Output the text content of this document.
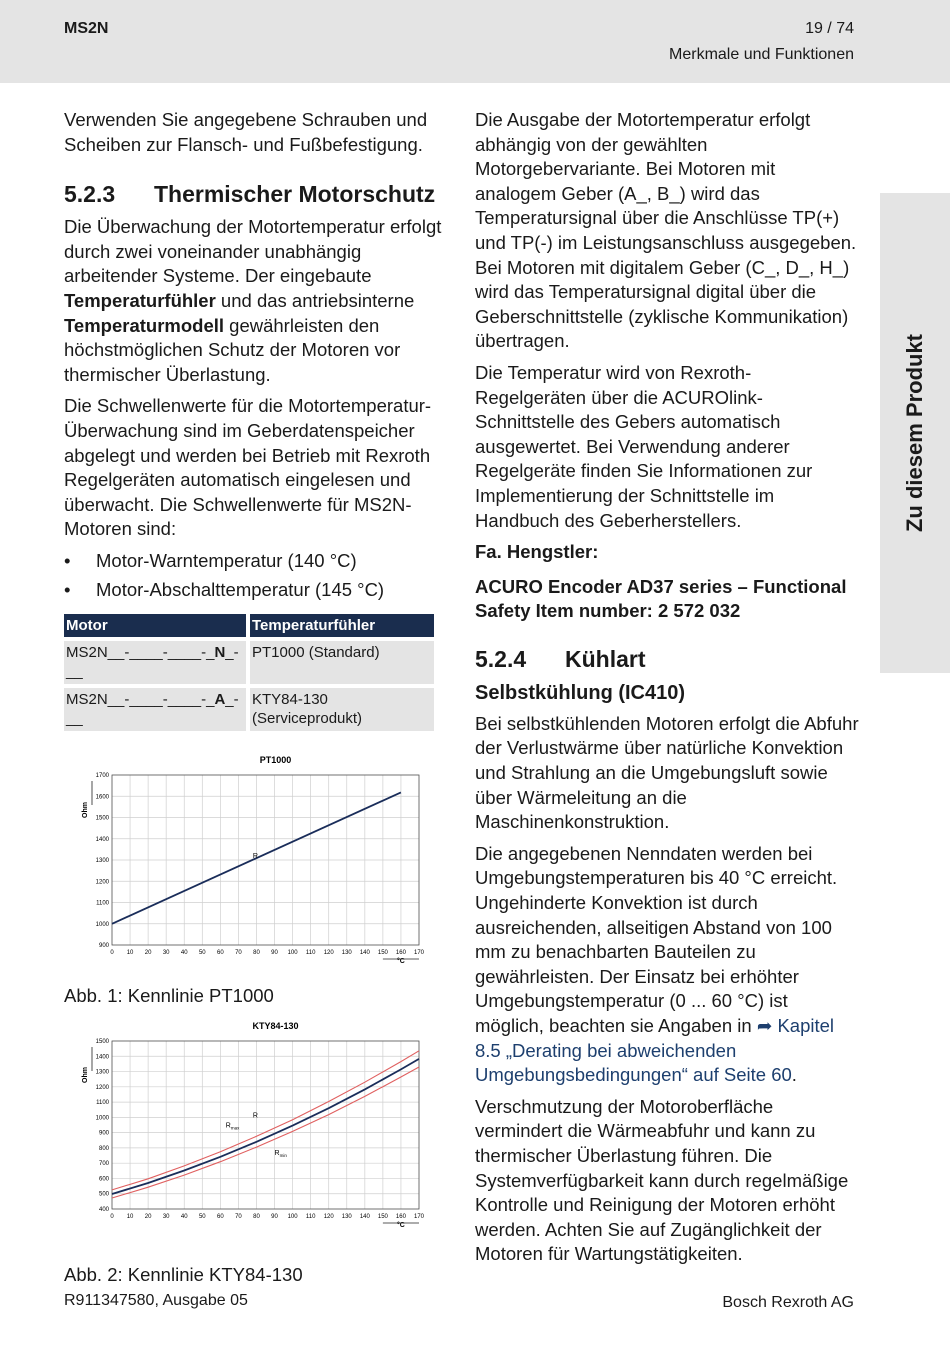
MS2N	19 / 74
Merkmale und Funktionen
Zu diesem Produkt

Verwenden Sie angegebene Schrauben und Scheiben zur Flansch- und Fußbefestigung.

5.2.3 Thermischer Motorschutz

Die Überwachung der Motortemperatur erfolgt durch zwei voneinander unabhängig arbeitender Systeme. Der eingebaute Temperaturfühler und das antriebsinterne Temperaturmodell gewährleisten den höchstmöglichen Schutz der Motoren vor thermischer Überlastung.

Die Schwellenwerte für die Motortemperatur-Überwachung sind im Geberdatenspeicher abgelegt und werden bei Betrieb mit Rexroth Regelgeräten automatisch eingelesen und überwacht. Die Schwellenwerte für MS2N-Motoren sind:

• Motor-Warntemperatur (140 °C)
• Motor-Abschalttemperatur (145 °C)
Motor	Temperaturfühler
MS2N__-____-____-_N_-__	PT1000 (Standard)
MS2N__-____-____-_A_-__	KTY84-130 (Serviceprodukt)
PT1000
0 10 20 30 40 50 60 70 80 90 100 110 120 130 140 150 160 170
900
1000
1100
1200
1300
1400
1500
1600
1700
Ohm
°C
R
Abb. 1: Kennlinie PT1000
KTY84-130
0 10 20 30 40 50 60 70 80 90 100 110 120 130 140 150 160 170
400
500
600
700
800
900
1000
1100
1200
1300
1400
1500
Ohm
°C
R
$R_{max}$
$R_{min}$
Abb. 2: Kennlinie KTY84-130

Die Ausgabe der Motortemperatur erfolgt abhängig von der gewählten Motorgebervariante. Bei Motoren mit analogem Geber (A_, B_) wird das Temperatursignal über die Anschlüsse TP(+) und TP(-) im Leistungsanschluss ausgegeben. Bei Motoren mit digitalem Geber (C_, D_, H_) wird das Temperatursignal digital über die Geberschnittstelle (zyklische Kommunikation) übertragen.

Die Temperatur wird von Rexroth-Regelgeräten über die ACUROlink-Schnittstelle des Gebers automatisch ausgewertet. Bei Verwendung anderer Regelgeräte finden Sie Informationen zur Implementierung der Schnittstelle im Handbuch des Geberherstellers.

Fa. Hengstler:

ACURO Encoder AD37 series – Functional Safety Item number: 2 572 032

5.2.4 Kühlart
Selbstkühlung (IC410)

Bei selbstkühlenden Motoren erfolgt die Abfuhr der Verlustwärme über natürliche Konvektion und Strahlung an die Umgebungsluft sowie über Wärmeleitung an die Maschinenkonstruktion.

Die angegebenen Nenndaten werden bei Umgebungstemperaturen bis 40 °C erreicht. Ungehinderte Konvektion ist durch ausreichenden, allseitigen Abstand von 100 mm zu benachbarten Bauteilen zu gewährleisten. Der Einsatz bei erhöhter Umgebungstemperatur (0 ... 60 °C) ist möglich, beachten sie Angaben in ➦ Kapitel 8.5 „Derating bei abweichenden Umgebungsbedingungen“ auf Seite 60.

Verschmutzung der Motoroberfläche vermindert die Wärmeabfuhr und kann zu thermischer Überlastung führen. Die Systemverfügbarkeit kann durch regelmäßige Kontrolle und Reinigung der Motoren erhöht werden. Achten Sie auf Zugänglichkeit der Motoren für Wartungstätigkeiten.

R911347580, Ausgabe 05	Bosch Rexroth AG
